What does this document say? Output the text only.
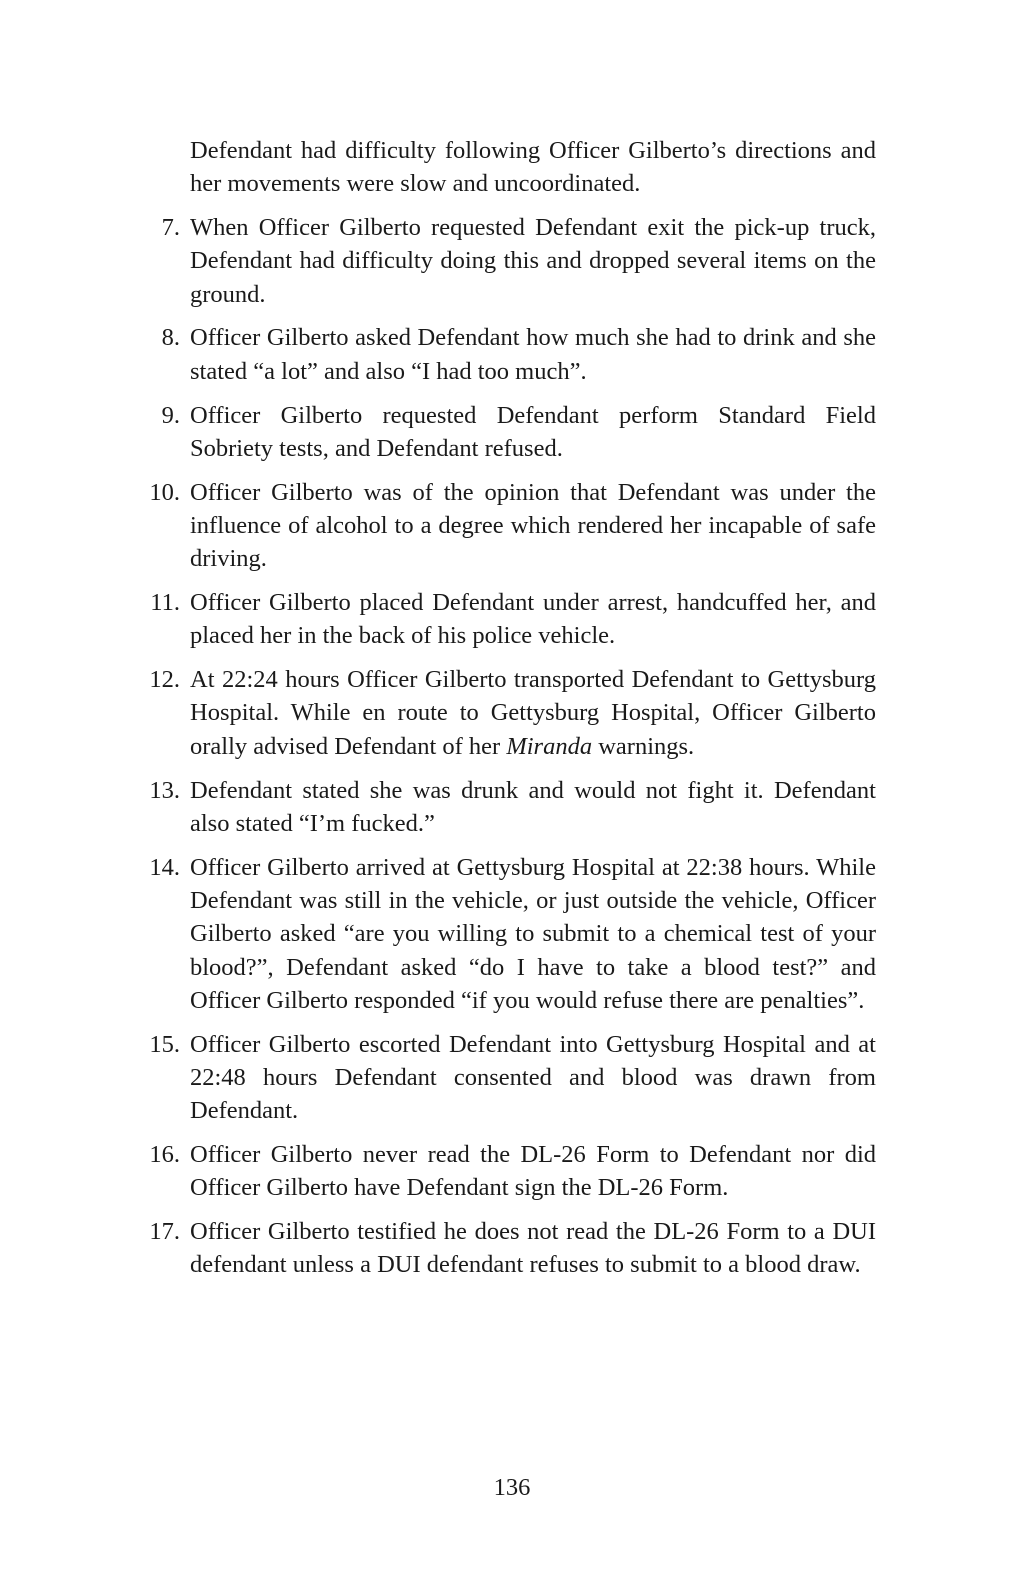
Defendant had difficulty following Officer Gilberto’s directions and her movements were slow and uncoordinated.

7. When Officer Gilberto requested Defendant exit the pick-up truck, Defendant had difficulty doing this and dropped several items on the ground.

8. Officer Gilberto asked Defendant how much she had to drink and she stated “a lot” and also “I had too much”.

9. Officer Gilberto requested Defendant perform Standard Field Sobriety tests, and Defendant refused.

10. Officer Gilberto was of the opinion that Defendant was under the influence of alcohol to a degree which rendered her incapable of safe driving.

11. Officer Gilberto placed Defendant under arrest, handcuffed her, and placed her in the back of his police vehicle.

12. At 22:24 hours Officer Gilberto transported Defendant to Gettysburg Hospital. While en route to Gettysburg Hospital, Officer Gilberto orally advised Defendant of her Miranda warnings.

13. Defendant stated she was drunk and would not fight it. Defendant also stated “I’m fucked.”

14. Officer Gilberto arrived at Gettysburg Hospital at 22:38 hours. While Defendant was still in the vehicle, or just outside the vehicle, Officer Gilberto asked “are you willing to submit to a chemical test of your blood?”, Defendant asked “do I have to take a blood test?” and Officer Gilberto responded “if you would refuse there are penalties”.

15. Officer Gilberto escorted Defendant into Gettysburg Hospital and at 22:48 hours Defendant consented and blood was drawn from Defendant.

16. Officer Gilberto never read the DL-26 Form to Defendant nor did Officer Gilberto have Defendant sign the DL-26 Form.

17. Officer Gilberto testified he does not read the DL-26 Form to a DUI defendant unless a DUI defendant refuses to submit to a blood draw.

136
